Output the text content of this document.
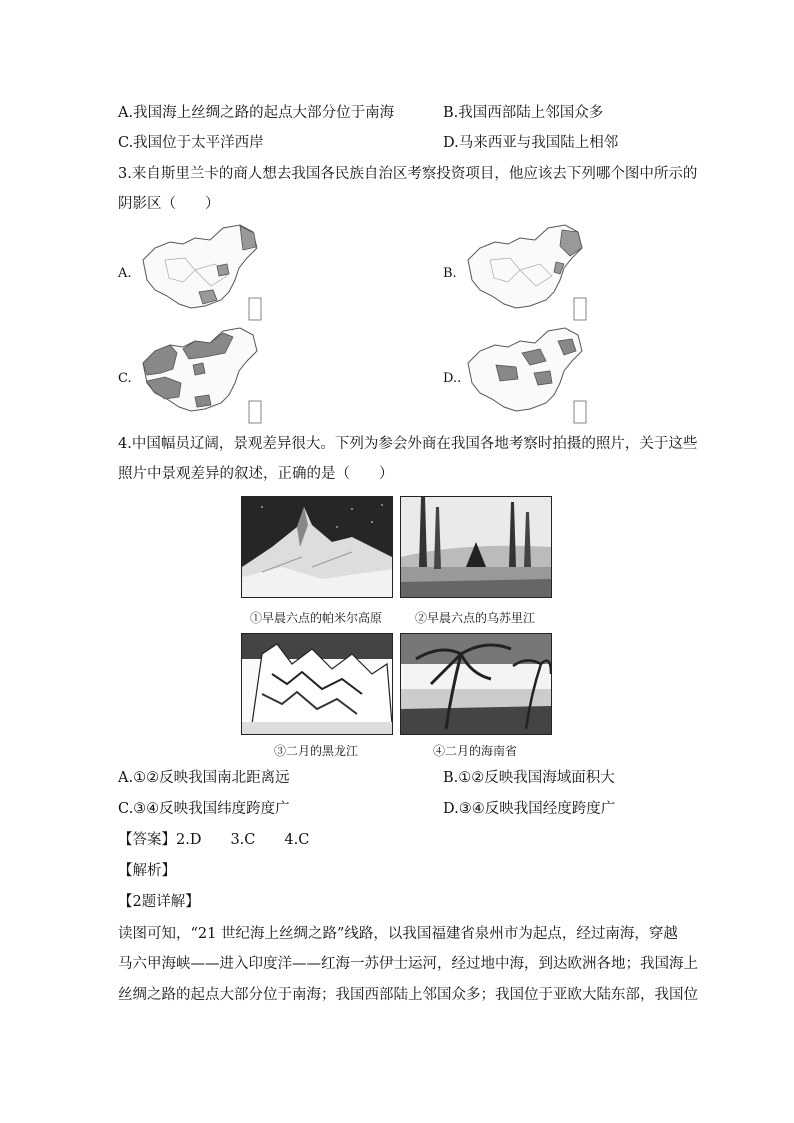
A.我国海上丝绸之路的起点大部分位于南海	B.我国西部陆上邻国众多
C.我国位于太平洋西岸	D.马来西亚与我国陆上相邻
3.来自斯里兰卡的商人想去我国各民族自治区考察投资项目，他应该去下列哪个图中所示的
阴影区（　　）
A.	B.
C.	D..
4.中国幅员辽阔，景观差异很大。下列为参会外商在我国各地考察时拍摄的照片，关于这些
照片中景观差异的叙述，正确的是（　　）
①早晨六点的帕米尔高原	②早晨六点的乌苏里江
③二月的黑龙江	④二月的海南省
A.①②反映我国南北距离远	B.①②反映我国海域面积大
C.③④反映我国纬度跨度广	D.③④反映我国经度跨度广
【答案】2.D　　3.C　　4.C
【解析】
【2题详解】
读图可知，“21 世纪海上丝绸之路”线路，以我国福建省泉州市为起点，经过南海，穿越
马六甲海峡——进入印度洋——红海一苏伊士运河，经过地中海，到达欧洲各地；我国海上
丝绸之路的起点大部分位于南海；我国西部陆上邻国众多；我国位于亚欧大陆东部，我国位
